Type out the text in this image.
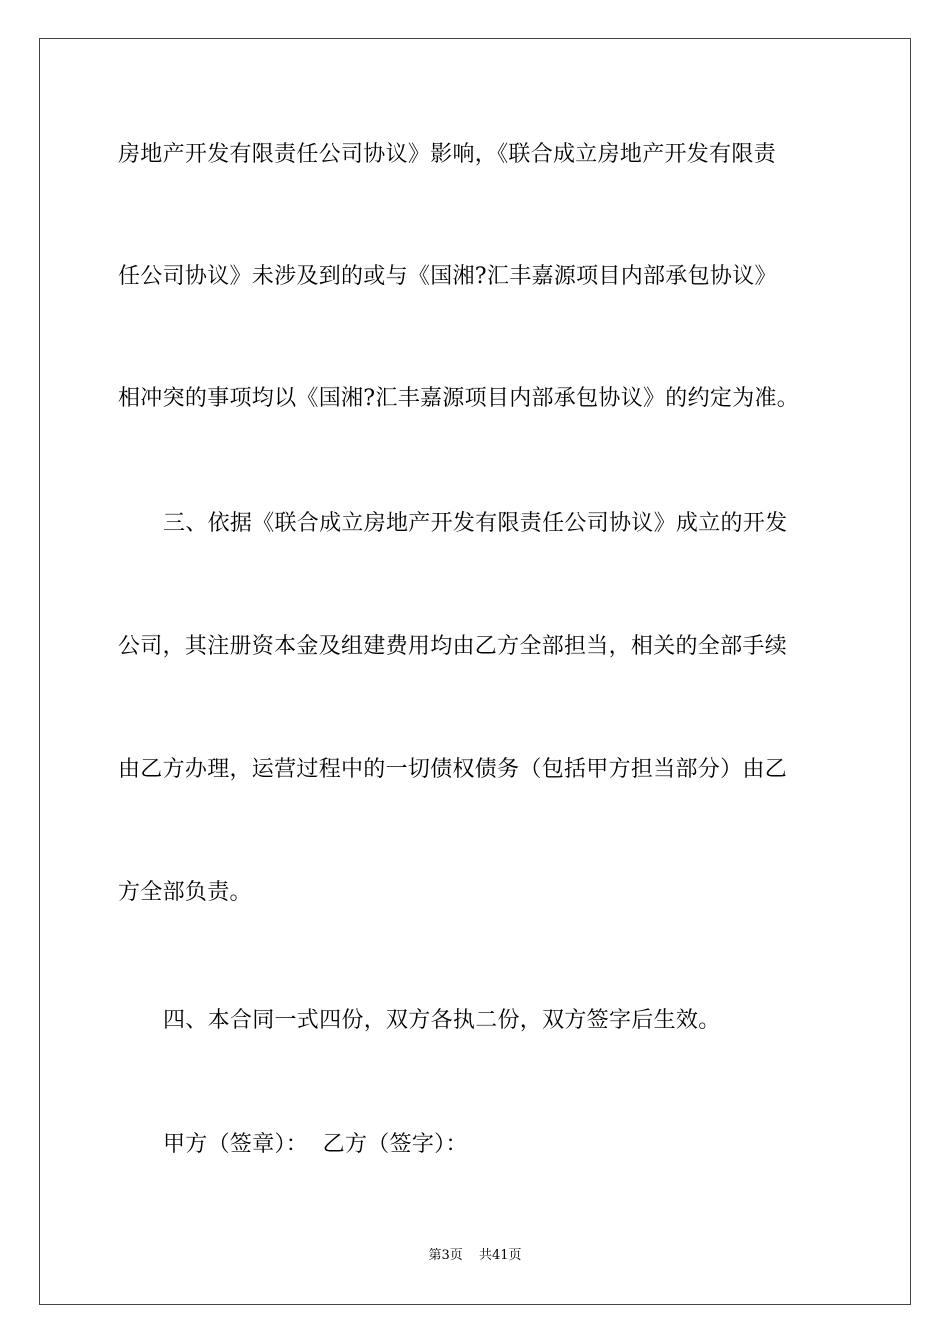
房地产开发有限责任公司协议》影响，《联合成立房地产开发有限责
任公司协议》未涉及到的或与《国湘?汇丰嘉源项目内部承包协议》
相冲突的事项均以《国湘?汇丰嘉源项目内部承包协议》的约定为准。
三、依据《联合成立房地产开发有限责任公司协议》成立的开发
公司，其注册资本金及组建费用均由乙方全部担当，相关的全部手续
由乙方办理，运营过程中的一切债权债务（包括甲方担当部分）由乙
方全部负责。
四、本合同一式四份，双方各执二份，双方签字后生效。
甲方（签章）：  乙方（签字）：
第3页 共41页
